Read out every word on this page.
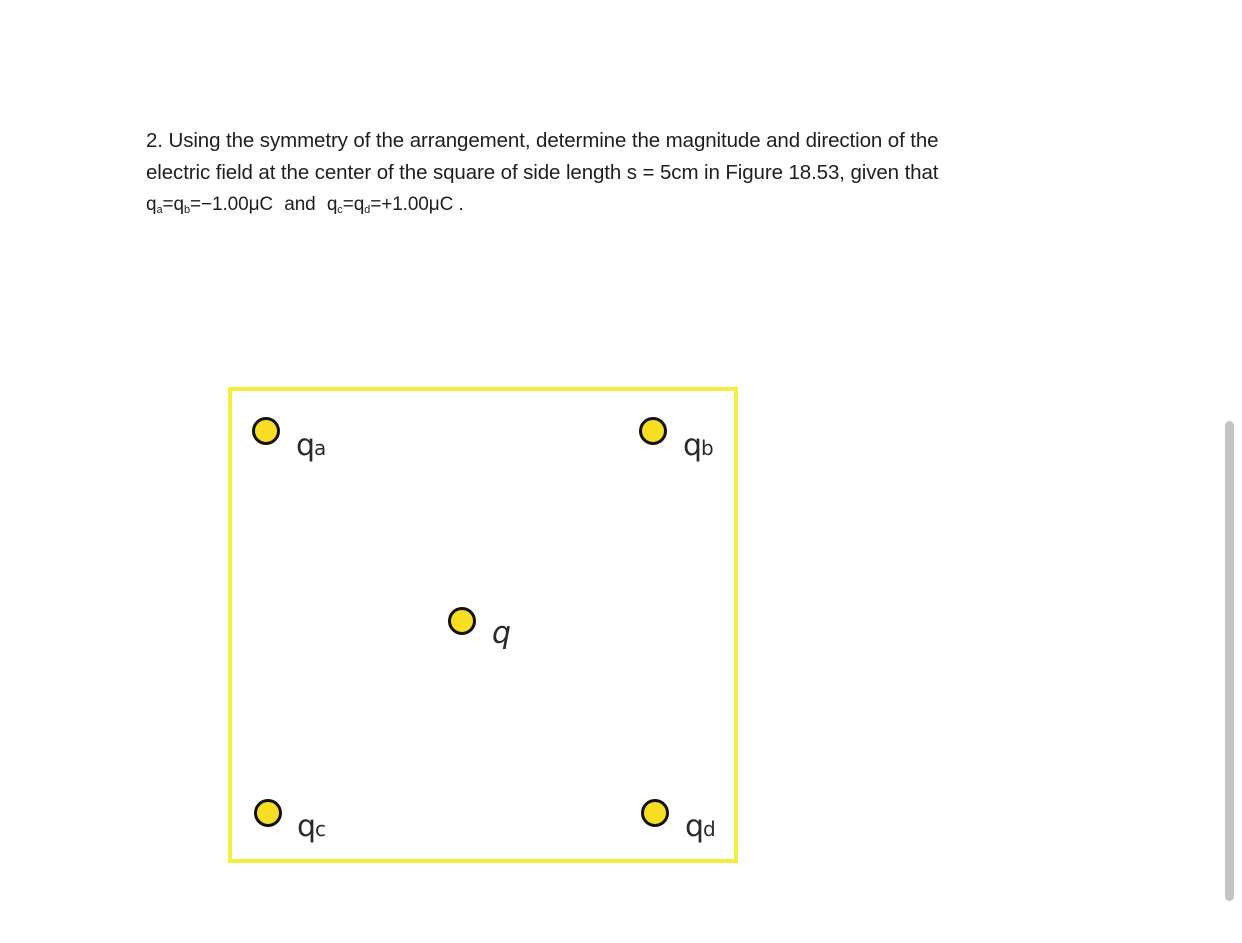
2. Using the symmetry of the arrangement, determine the magnitude and direction of the

electric field at the center of the square of side length s = 5cm in Figure 18.53, given that

$q_a=q_b=-1.00\mu C$ and $q_c=q_d=+1.00\mu C$ .

qa	qb
q
qc	qd
